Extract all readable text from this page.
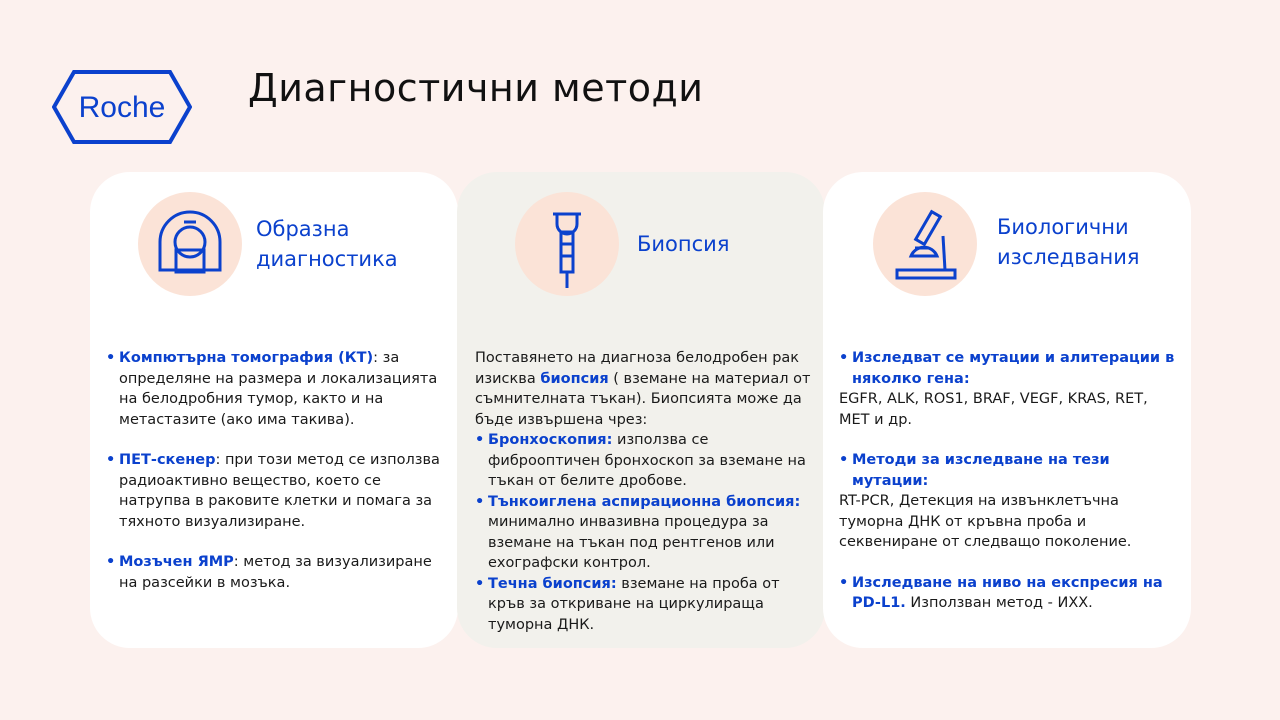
Roche Диагностични методи
Образна
диагностика
• Компютърна томография (КТ): за определяне на размера и локализацията на белодробния тумор, както и на метастазите (ако има такива).
• ПЕТ-скенер: при този метод се използва радиоактивно вещество, което се натрупва в раковите клетки и помага за тяхното визуализиране.
• Мозъчен ЯМР: метод за визуализиране на разсейки в мозъка.
Биопсия
Поставянето на диагноза белодробен рак изисква биопсия ( вземане на материал от съмнителната тъкан). Биопсията може да бъде извършена чрез:
• Бронхоскопия: използва се фиброоптичен бронхоскоп за вземане на тъкан от белите дробове.
• Тънкоиглена аспирационна биопсия: минимално инвазивна процедура за вземане на тъкан под рентгенов или ехографски контрол.
• Течна биопсия: вземане на проба от кръв за откриване на циркулираща туморна ДНК.
Биологични
изследвания
• Изследват се мутации и алитерации в няколко гена:
EGFR, ALK, ROS1, BRAF, VEGF, KRAS, RET, MET и др.
• Методи за изследване на тези мутации:
RT-PCR, Детекция на извънклетъчна туморна ДНК от кръвна проба и секвениране от следващо поколение.
• Изследване на ниво на експресия на PD-L1. Използван метод - ИХХ.
